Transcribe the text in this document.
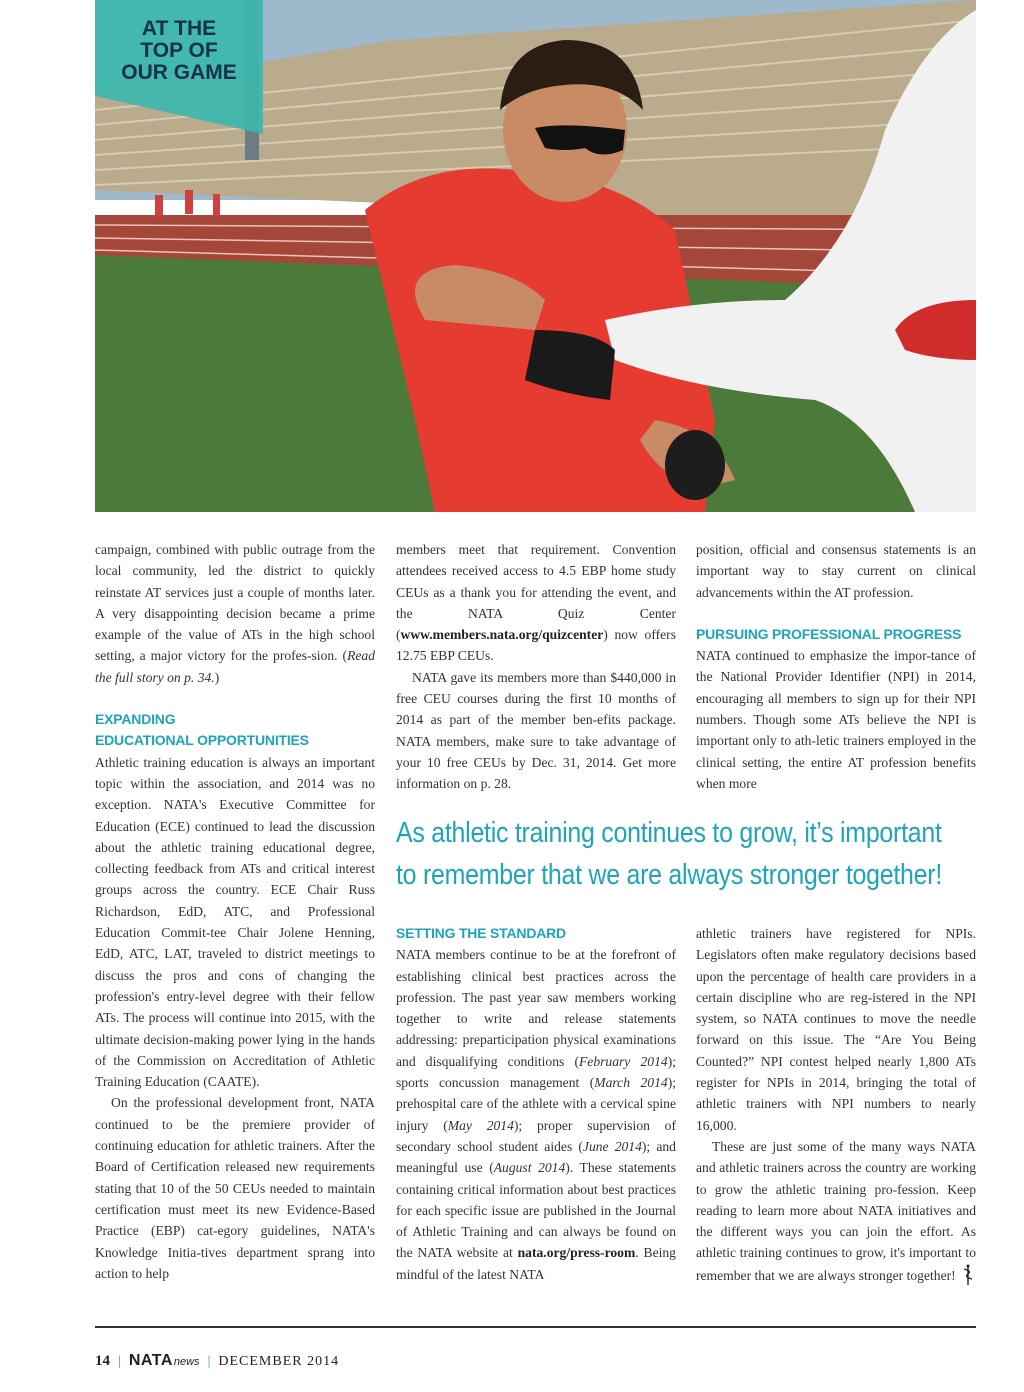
AT THE
TOP OF
OUR GAME

campaign, combined with public outrage from the local community, led the district to quickly reinstate AT services just a couple of months later. A very disappointing decision became a prime example of the value of ATs in the high school setting, a major victory for the profes-sion. (Read the full story on p. 34.)

EXPANDING
EDUCATIONAL OPPORTUNITIES

Athletic training education is always an important topic within the association, and 2014 was no exception. NATA's Executive Committee for Education (ECE) continued to lead the discussion about the athletic training educational degree, collecting feedback from ATs and critical interest groups across the country. ECE Chair Russ Richardson, EdD, ATC, and Professional Education Commit-tee Chair Jolene Henning, EdD, ATC, LAT, traveled to district meetings to discuss the pros and cons of changing the profession's entry-level degree with their fellow ATs. The process will continue into 2015, with the ultimate decision-making power lying in the hands of the Commission on Accreditation of Athletic Training Education (CAATE).

On the professional development front, NATA continued to be the premiere provider of continuing education for athletic trainers. After the Board of Certification released new requirements stating that 10 of the 50 CEUs needed to maintain certification must meet its new Evidence-Based Practice (EBP) cat-egory guidelines, NATA's Knowledge Initia-tives department sprang into action to help

members meet that requirement. Convention attendees received access to 4.5 EBP home study CEUs as a thank you for attending the event, and the NATA Quiz Center (www.members.nata.org/quizcenter) now offers 12.75 EBP CEUs.

NATA gave its members more than $440,000 in free CEU courses during the first 10 months of 2014 as part of the member ben-efits package. NATA members, make sure to take advantage of your 10 free CEUs by Dec. 31, 2014. Get more information on p. 28.

position, official and consensus statements is an important way to stay current on clinical advancements within the AT profession.

PURSUING PROFESSIONAL PROGRESS

NATA continued to emphasize the impor-tance of the National Provider Identifier (NPI) in 2014, encouraging all members to sign up for their NPI numbers. Though some ATs believe the NPI is important only to ath-letic trainers employed in the clinical setting, the entire AT profession benefits when more

As athletic training continues to grow, it’s important
to remember that we are always stronger together!
SETTING THE STANDARD

NATA members continue to be at the forefront of establishing clinical best practices across the profession. The past year saw members working together to write and release statements addressing: preparticipation physical examinations and disqualifying conditions (February 2014); sports concussion management (March 2014); prehospital care of the athlete with a cervical spine injury (May 2014); proper supervision of secondary school student aides (June 2014); and meaningful use (August 2014). These statements containing critical information about best practices for each specific issue are published in the Journal of Athletic Training and can always be found on the NATA website at nata.org/press-room. Being mindful of the latest NATA

athletic trainers have registered for NPIs. Legislators often make regulatory decisions based upon the percentage of health care providers in a certain discipline who are reg-istered in the NPI system, so NATA continues to move the needle forward on this issue. The “Are You Being Counted?” NPI contest helped nearly 1,800 ATs register for NPIs in 2014, bringing the total of athletic trainers with NPI numbers to nearly 16,000.

These are just some of the many ways NATA and athletic trainers across the country are working to grow the athletic training pro-fession. Keep reading to learn more about NATA initiatives and the different ways you can join the effort. As athletic training continues to grow, it's important to remember that we are always stronger together!

14 | NATA news | DECEMBER 2014
